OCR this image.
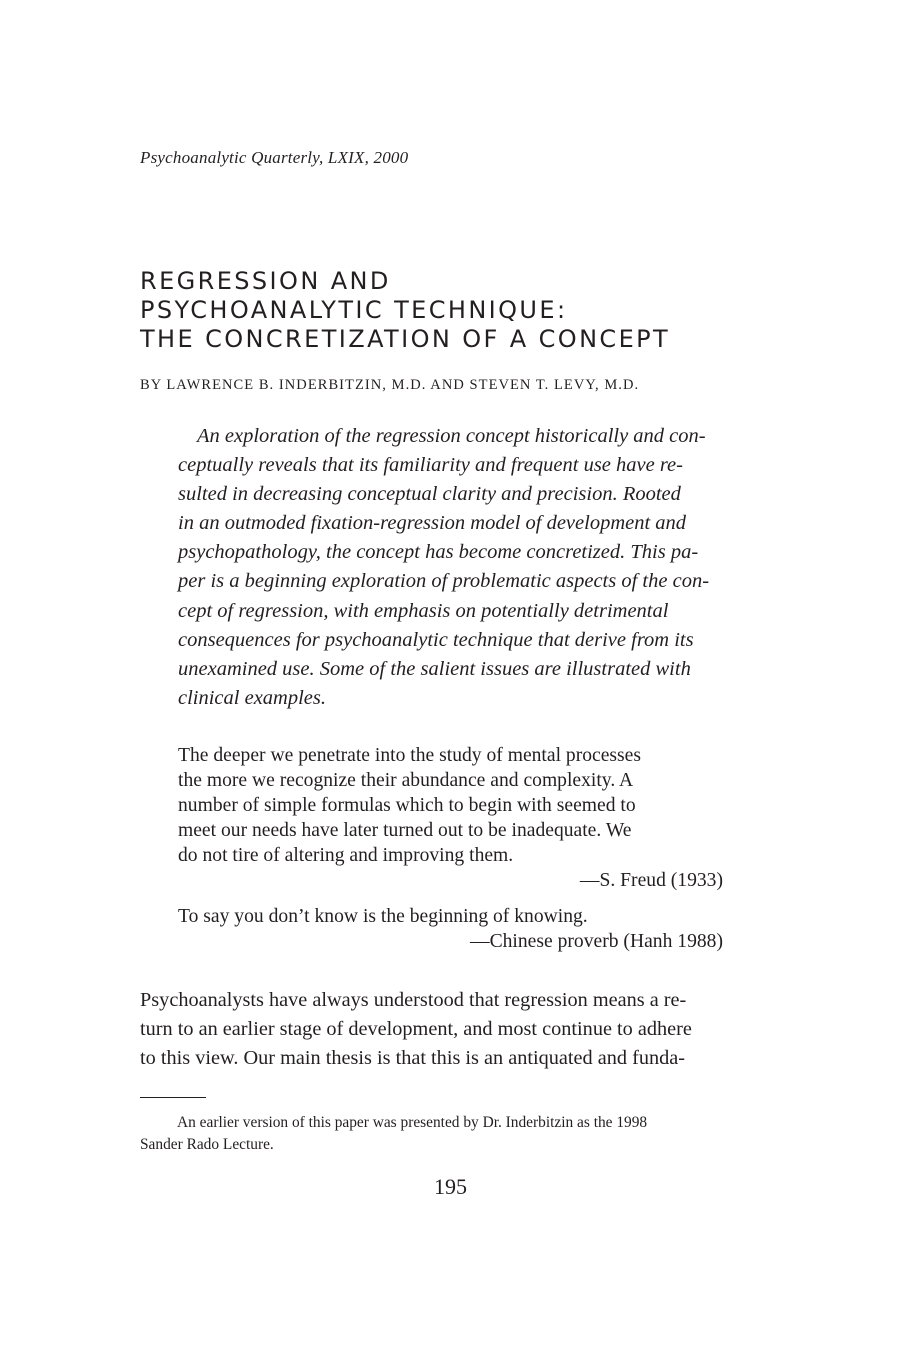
Psychoanalytic Quarterly, LXIX, 2000

REGRESSION AND
PSYCHOANALYTIC TECHNIQUE:
THE CONCRETIZATION OF A CONCEPT

BY LAWRENCE B. INDERBITZIN, M.D. AND STEVEN T. LEVY, M.D.

An exploration of the regression concept historically and con-
ceptually reveals that its familiarity and frequent use have re-
sulted in decreasing conceptual clarity and precision. Rooted
in an outmoded fixation-regression model of development and
psychopathology, the concept has become concretized. This pa-
per is a beginning exploration of problematic aspects of the con-
cept of regression, with emphasis on potentially detrimental
consequences for psychoanalytic technique that derive from its
unexamined use. Some of the salient issues are illustrated with
clinical examples.
The deeper we penetrate into the study of mental processes
the more we recognize their abundance and complexity. A
number of simple formulas which to begin with seemed to
meet our needs have later turned out to be inadequate. We
do not tire of altering and improving them.
—S. Freud (1933)
To say you don’t know is the beginning of knowing.
—Chinese proverb (Hanh 1988)
Psychoanalysts have always understood that regression means a re-
turn to an earlier stage of development, and most continue to adhere
to this view. Our main thesis is that this is an antiquated and funda-
An earlier version of this paper was presented by Dr. Inderbitzin as the 1998
Sander Rado Lecture.

195
